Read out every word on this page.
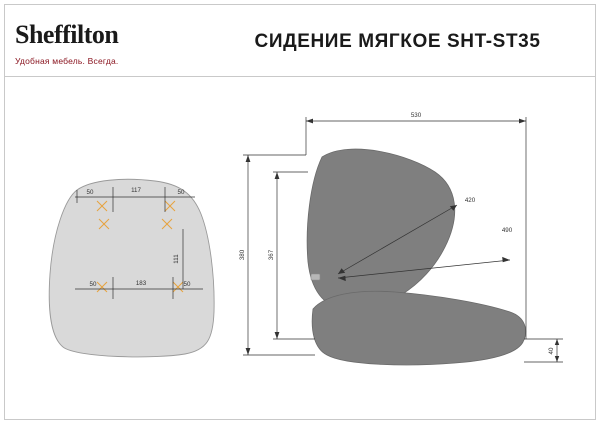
Sheffilton
Удобная мебель. Всегда.
СИДЕНИЕ МЯГКОЕ SHT-ST35
50	117	50
111
50	183	50
530
380	367
420
490
40
